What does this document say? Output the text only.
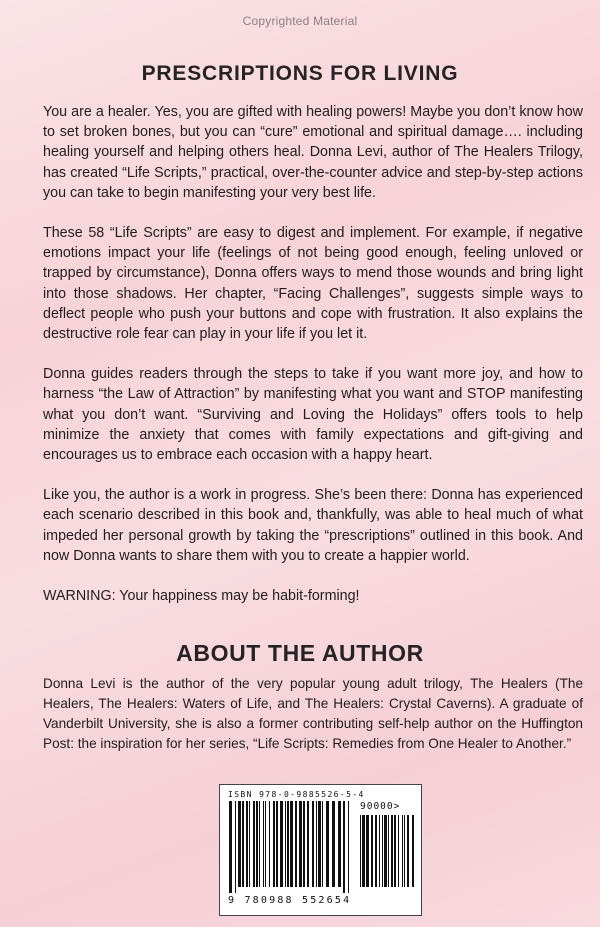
Copyrighted Material
PRESCRIPTIONS FOR LIVING

You are a healer. Yes, you are gifted with healing powers! Maybe you don’t know how to set broken bones, but you can “cure” emotional and spiritual damage…. including healing yourself and helping others heal. Donna Levi, author of The Healers Trilogy, has created “Life Scripts,” practical, over-the-counter advice and step-by-step actions you can take to begin manifesting your very best life.

These 58 “Life Scripts” are easy to digest and implement. For example, if negative emotions impact your life (feelings of not being good enough, feeling unloved or trapped by circumstance), Donna offers ways to mend those wounds and bring light into those shadows. Her chapter, “Facing Challenges”, suggests simple ways to deflect people who push your buttons and cope with frustration. It also explains the destructive role fear can play in your life if you let it.

Donna guides readers through the steps to take if you want more joy, and how to harness “the Law of Attraction” by manifesting what you want and STOP manifesting what you don’t want. “Surviving and Loving the Holidays” offers tools to help minimize the anxiety that comes with family expectations and gift-giving and encourages us to embrace each occasion with a happy heart.

Like you, the author is a work in progress. She’s been there: Donna has experienced each scenario described in this book and, thankfully, was able to heal much of what impeded her personal growth by taking the “prescriptions” outlined in this book. And now Donna wants to share them with you to create a happier world.

WARNING: Your happiness may be habit-forming!

ABOUT THE AUTHOR
Donna Levi is the author of the very popular young adult trilogy, The Healers (The Healers, The Healers: Waters of Life, and The Healers: Crystal Caverns). A graduate of Vanderbilt University, she is also a former contributing self-help author on the Huffington Post: the inspiration for her series, “Life Scripts: Remedies from One Healer to Another.”
ISBN 978-0-9885526-5-4
90000>
9 780988 552654
